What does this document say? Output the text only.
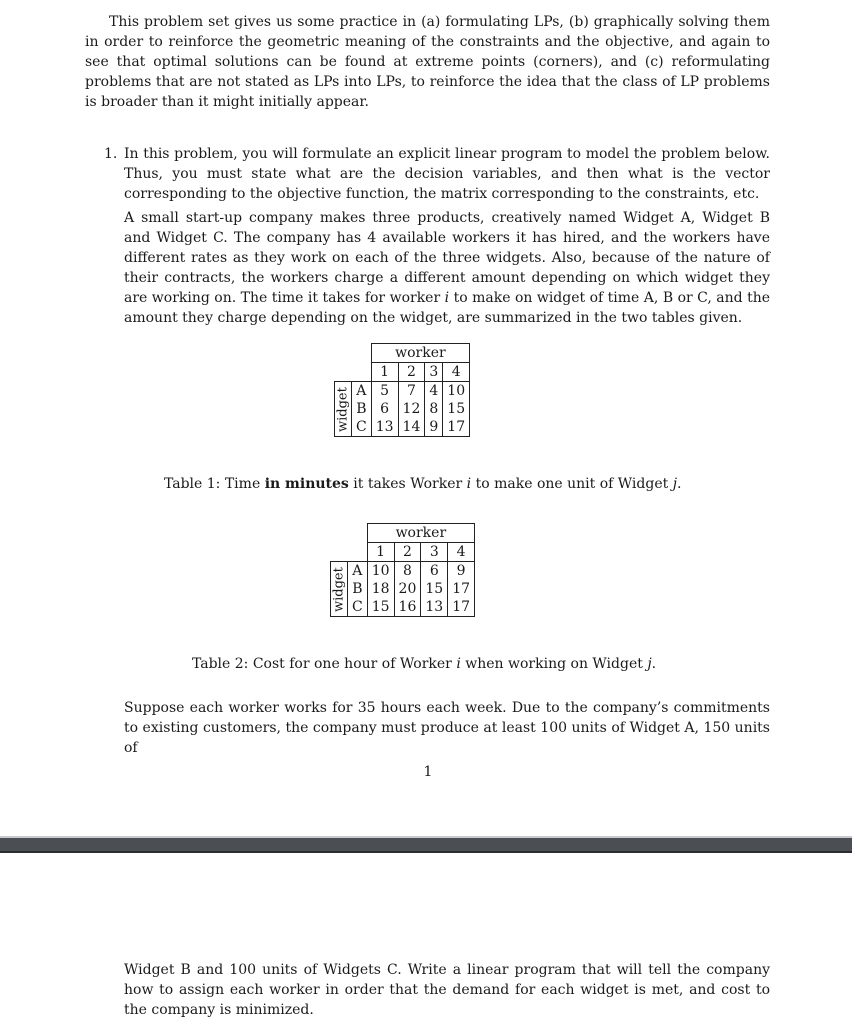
This problem set gives us some practice in (a) formulating LPs, (b) graphically solving them in order to reinforce the geometric meaning of the constraints and the objective, and again to see that optimal solutions can be found at extreme points (corners), and (c) reformulating problems that are not stated as LPs into LPs, to reinforce the idea that the class of LP problems is broader than it might initially appear.
1. In this problem, you will formulate an explicit linear program to model the problem below. Thus, you must state what are the decision variables, and then what is the vector corresponding to the objective function, the matrix corresponding to the constraints, etc.
A small start-up company makes three products, creatively named Widget A, Widget B and Widget C. The company has 4 available workers it has hired, and the workers have different rates as they work on each of the three widgets. Also, because of the nature of their contracts, the workers charge a different amount depending on which widget they are working on. The time it takes for worker i to make on widget of time A, B or C, and the amount they charge depending on the widget, are summarized in the two tables given.
		worker			
		1	2	3	4
widget	A	5	7	4	10
	B	6	12	8	15
	C	13	14	9	17
Table 1: Time in minutes it takes Worker i to make one unit of Widget j.
		worker			
		1	2	3	4
widget	A	10	8	6	9
	B	18	20	15	17
	C	15	16	13	17
Table 2: Cost for one hour of Worker i when working on Widget j.
Suppose each worker works for 35 hours each week. Due to the company’s commitments to existing customers, the company must produce at least 100 units of Widget A, 150 units of
1
Widget B and 100 units of Widgets C. Write a linear program that will tell the company how to assign each worker in order that the demand for each widget is met, and cost to the company is minimized.
